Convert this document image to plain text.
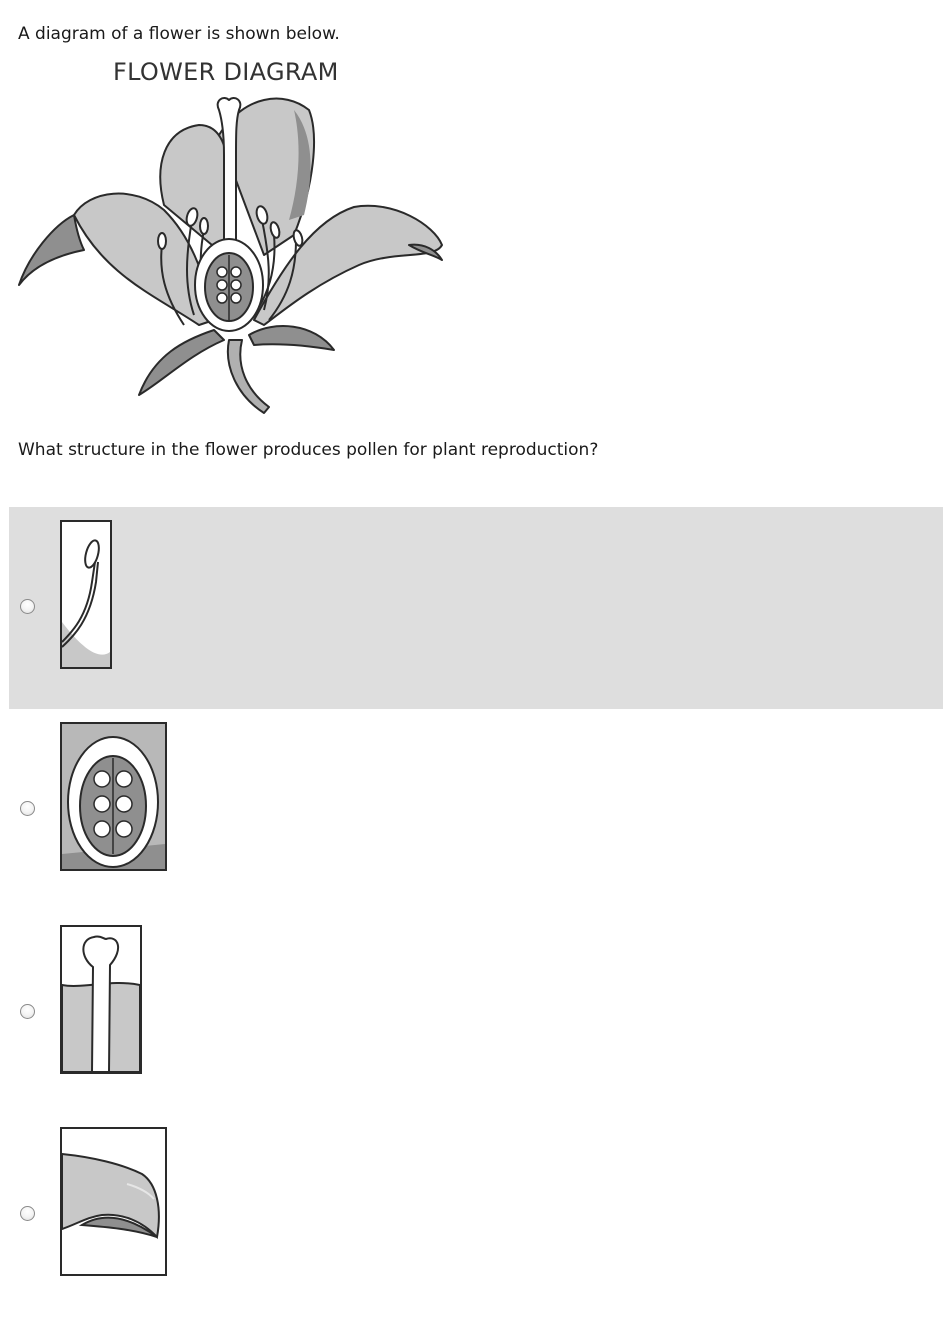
A diagram of a flower is shown below.

FLOWER DIAGRAM

What structure in the flower produces pollen for plant reproduction?
